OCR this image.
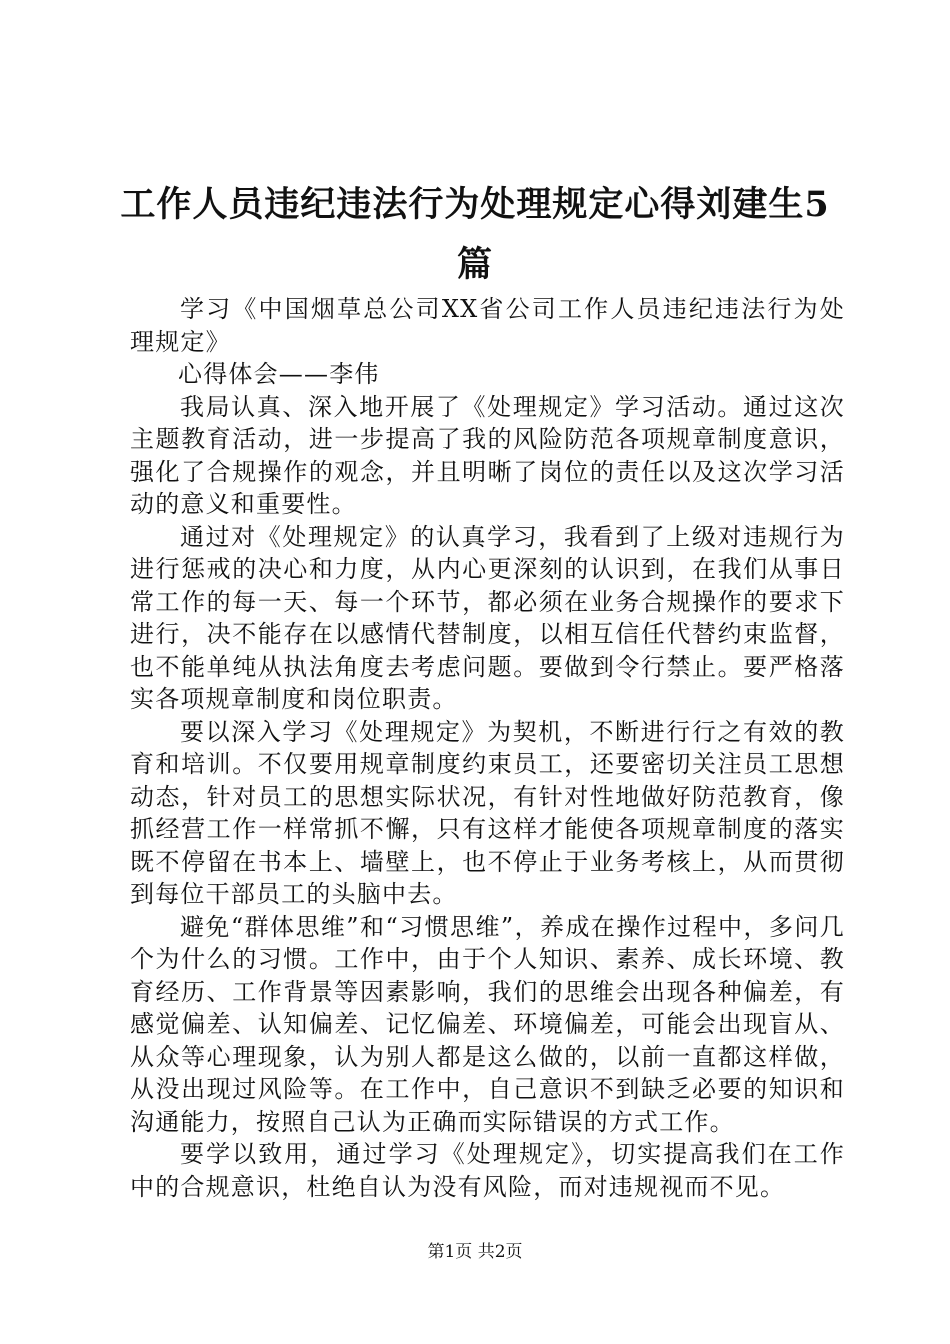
工作人员违纪违法行为处理规定心得刘建生5篇

学习《中国烟草总公司XX省公司工作人员违纪违法行为处理规定》

心得体会——李伟

我局认真、深入地开展了《处理规定》学习活动。通过这次主题教育活动，进一步提高了我的风险防范各项规章制度意识，强化了合规操作的观念，并且明晰了岗位的责任以及这次学习活动的意义和重要性。

通过对《处理规定》的认真学习，我看到了上级对违规行为进行惩戒的决心和力度，从内心更深刻的认识到，在我们从事日常工作的每一天、每一个环节，都必须在业务合规操作的要求下进行，决不能存在以感情代替制度，以相互信任代替约束监督，也不能单纯从执法角度去考虑问题。要做到令行禁止。要严格落实各项规章制度和岗位职责。

要以深入学习《处理规定》为契机，不断进行行之有效的教育和培训。不仅要用规章制度约束员工，还要密切关注员工思想动态，针对员工的思想实际状况，有针对性地做好防范教育，像抓经营工作一样常抓不懈，只有这样才能使各项规章制度的落实既不停留在书本上、墙壁上，也不停止于业务考核上，从而贯彻到每位干部员工的头脑中去。

避免“群体思维”和“习惯思维”，养成在操作过程中，多问几个为什么的习惯。工作中，由于个人知识、素养、成长环境、教育经历、工作背景等因素影响，我们的思维会出现各种偏差，有感觉偏差、认知偏差、记忆偏差、环境偏差，可能会出现盲从、从众等心理现象，认为别人都是这么做的，以前一直都这样做，从没出现过风险等。在工作中，自己意识不到缺乏必要的知识和沟通能力，按照自己认为正确而实际错误的方式工作。

要学以致用，通过学习《处理规定》，切实提高我们在工作中的合规意识，杜绝自认为没有风险，而对违规视而不见。

第1页 共2页
